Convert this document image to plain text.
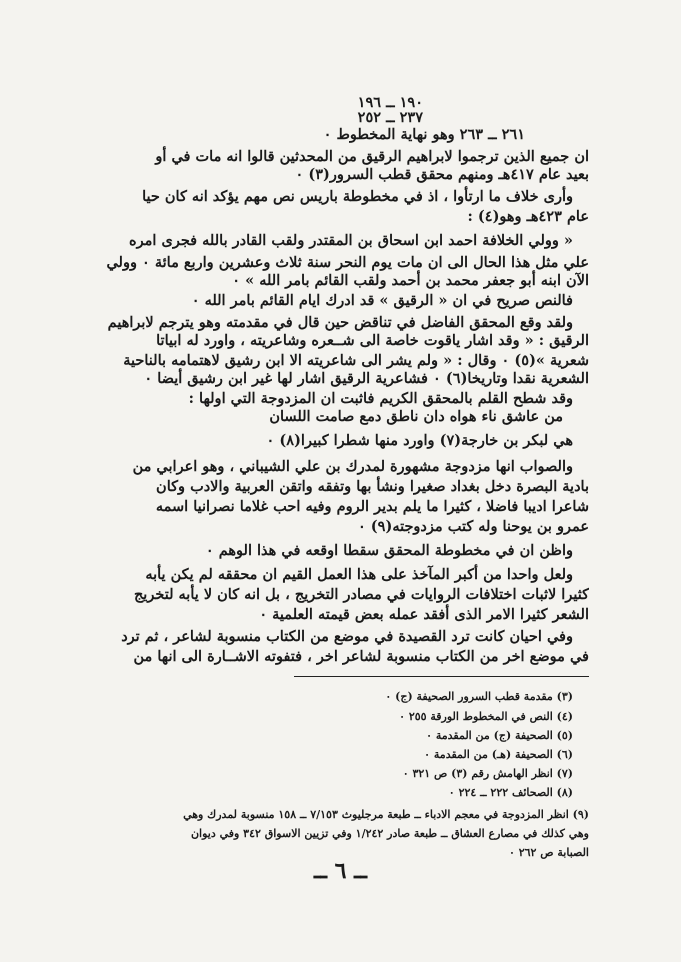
١٩٠ ــ ١٩٦
٢٣٧ ــ ٢٥٢
٢٦١ ــ ٢٦٣ وهو نهاية المخطوط ٠
ان جميع الذين ترجموا لابراهيم الرقيق من المحدثين قالوا انه مات في أو
بعيد عام ٤١٧هـ ومنهم محقق قطب السرور(٣) ٠
وأرى خلاف ما ارتأوا ، اذ في مخطوطة باريس نص مهم يؤكد انه كان حيا
عام ٤٢٣هـ وهو(٤) :
« وولي الخلافة احمد ابن اسحاق بن المقتدر ولقب القادر بالله فجرى امره
علي مثل هذا الحال الى ان مات يوم النحر سنة ثلاث وعشرين واربع مائة ٠ وولي
الآن ابنه أبو جعفر محمد بن أحمد ولقب القائم بامر الله » ٠
فالنص صريح في ان « الرقيق » قد ادرك ايام القائم بامر الله ٠
ولقد وقع المحقق الفاضل في تناقض حين قال في مقدمته وهو يترجم لابراهيم
الرقيق : « وقد اشار ياقوت خاصة الى شــعره وشاعريته ، واورد له ابياتا
شعرية »(٥) ٠ وقال : « ولم يشر الى شاعريته الا ابن رشيق لاهتمامه بالناحية
الشعرية نقدا وتاريخا(٦) ٠ فشاعرية الرقيق اشار لها غير ابن رشيق أيضا ٠
وقد شطح القلم بالمحقق الكريم فاثبت ان المزدوجة التي اولها :
من عاشق ناء هواه دان ناطق دمع صامت اللسان
هي لبكر بن خارجة(٧) واورد منها شطرا كبيرا(٨) ٠
والصواب انها مزدوجة مشهورة لمدرك بن علي الشيباني ، وهو اعرابي من
بادية البصرة دخل بغداد صغيرا ونشأ بها وتفقه واتقن العربية والادب وكان
شاعرا اديبا فاضلا ، كثيرا ما يلم بدير الروم وفيه احب غلاما نصرانيا اسمه
عمرو بن يوحنا وله كتب مزدوجته(٩) ٠
واظن ان في مخطوطة المحقق سقطا اوقعه في هذا الوهم ٠
ولعل واحدا من أكبر المآخذ على هذا العمل القيم ان محققه لم يكن يأبه
كثيرا لاثبات اختلافات الروايات في مصادر التخريج ، بل انه كان لا يأبه لتخريج
الشعر كثيرا الامر الذى أفقد عمله بعض قيمته العلمية ٠
وفي احيان كانت ترد القصيدة في موضع من الكتاب منسوبة لشاعر ، ثم ترد
في موضع اخر من الكتاب منسوبة لشاعر اخر ، فتفوته الاشــارة الى انها من
(٣) مقدمة قطب السرور الصحيفة (ج) ٠
(٤) النص في المخطوط الورقة ٢٥٥ ٠
(٥) الصحيفة (ج) من المقدمة ٠
(٦) الصحيفة (هـ) من المقدمة ٠
(٧) انظر الهامش رقم (٣) ص ٣٢١ ٠
(٨) الصحائف ٢٢٢ ــ ٢٢٤ ٠
(٩) انظر المزدوجة في معجم الادباء ــ طبعة مرجليوث ٧/١٥٣ ــ ١٥٨ منسوبة لمدرك وهي
وهي كذلك في مصارع العشاق ــ طبعة صادر ١/٢٤٢ وفي تزيين الاسواق ٣٤٢ وفي ديوان
الصبابة ص ٢٦٢ ٠
ــ ٦ ــ
